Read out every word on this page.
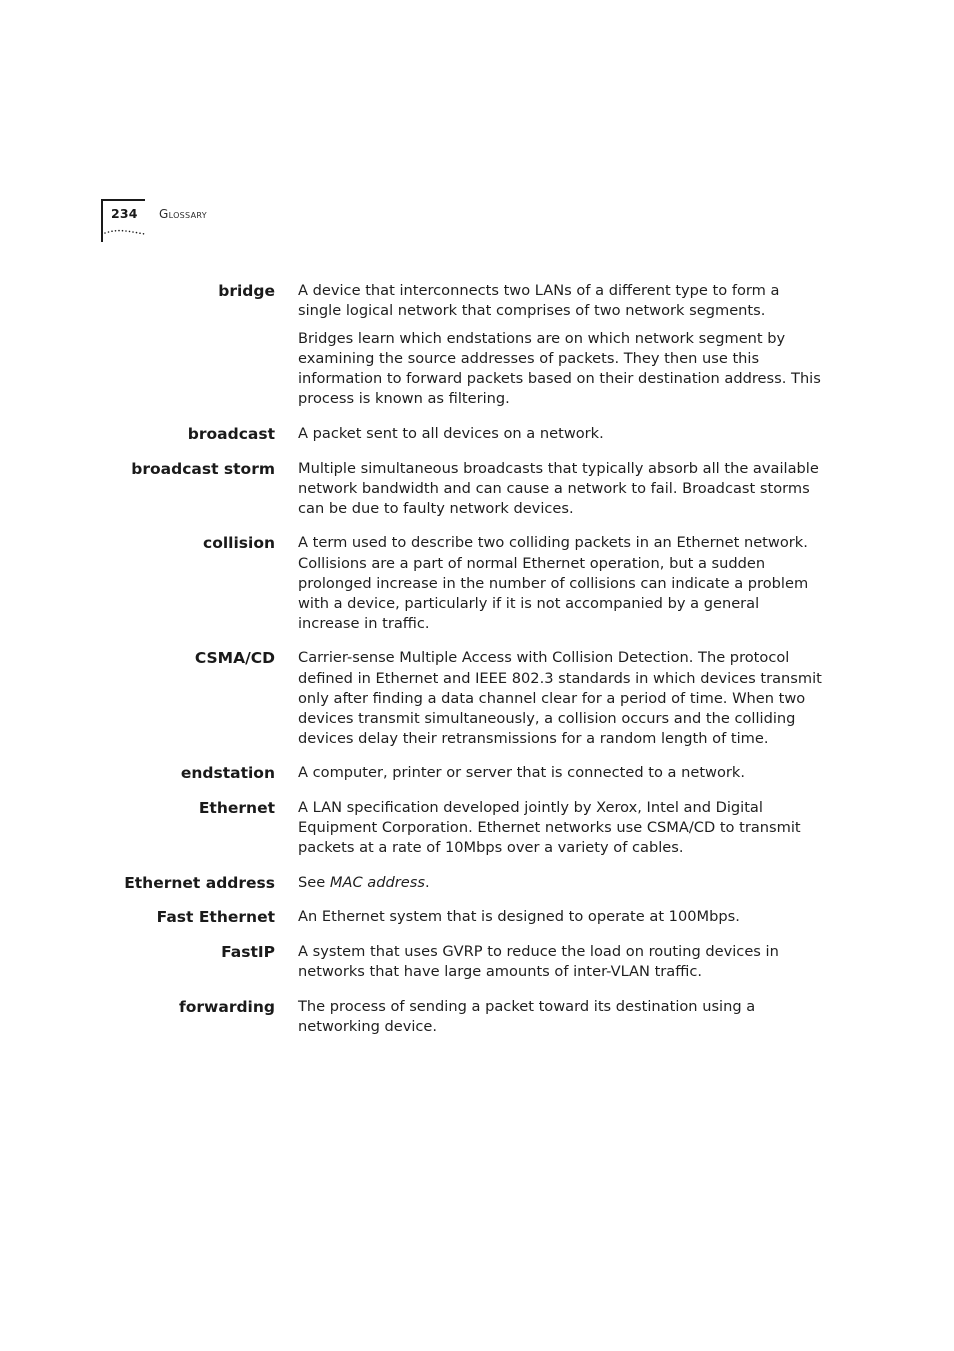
234 Glossary
bridge A device that interconnects two LANs of a different type to form a single logical network that comprises of two network segments.

Bridges learn which endstations are on which network segment by examining the source addresses of packets. They then use this information to forward packets based on their destination address. This process is known as filtering.

broadcast A packet sent to all devices on a network.

broadcast storm Multiple simultaneous broadcasts that typically absorb all the available network bandwidth and can cause a network to fail. Broadcast storms can be due to faulty network devices.

collision A term used to describe two colliding packets in an Ethernet network. Collisions are a part of normal Ethernet operation, but a sudden prolonged increase in the number of collisions can indicate a problem with a device, particularly if it is not accompanied by a general increase in traffic.

CSMA/CD Carrier-sense Multiple Access with Collision Detection. The protocol defined in Ethernet and IEEE 802.3 standards in which devices transmit only after finding a data channel clear for a period of time. When two devices transmit simultaneously, a collision occurs and the colliding devices delay their retransmissions for a random length of time.

endstation A computer, printer or server that is connected to a network.

Ethernet A LAN specification developed jointly by Xerox, Intel and Digital Equipment Corporation. Ethernet networks use CSMA/CD to transmit packets at a rate of 10Mbps over a variety of cables.

Ethernet address See MAC address.

Fast Ethernet An Ethernet system that is designed to operate at 100Mbps.

FastIP A system that uses GVRP to reduce the load on routing devices in networks that have large amounts of inter-VLAN traffic.

forwarding The process of sending a packet toward its destination using a networking device.
